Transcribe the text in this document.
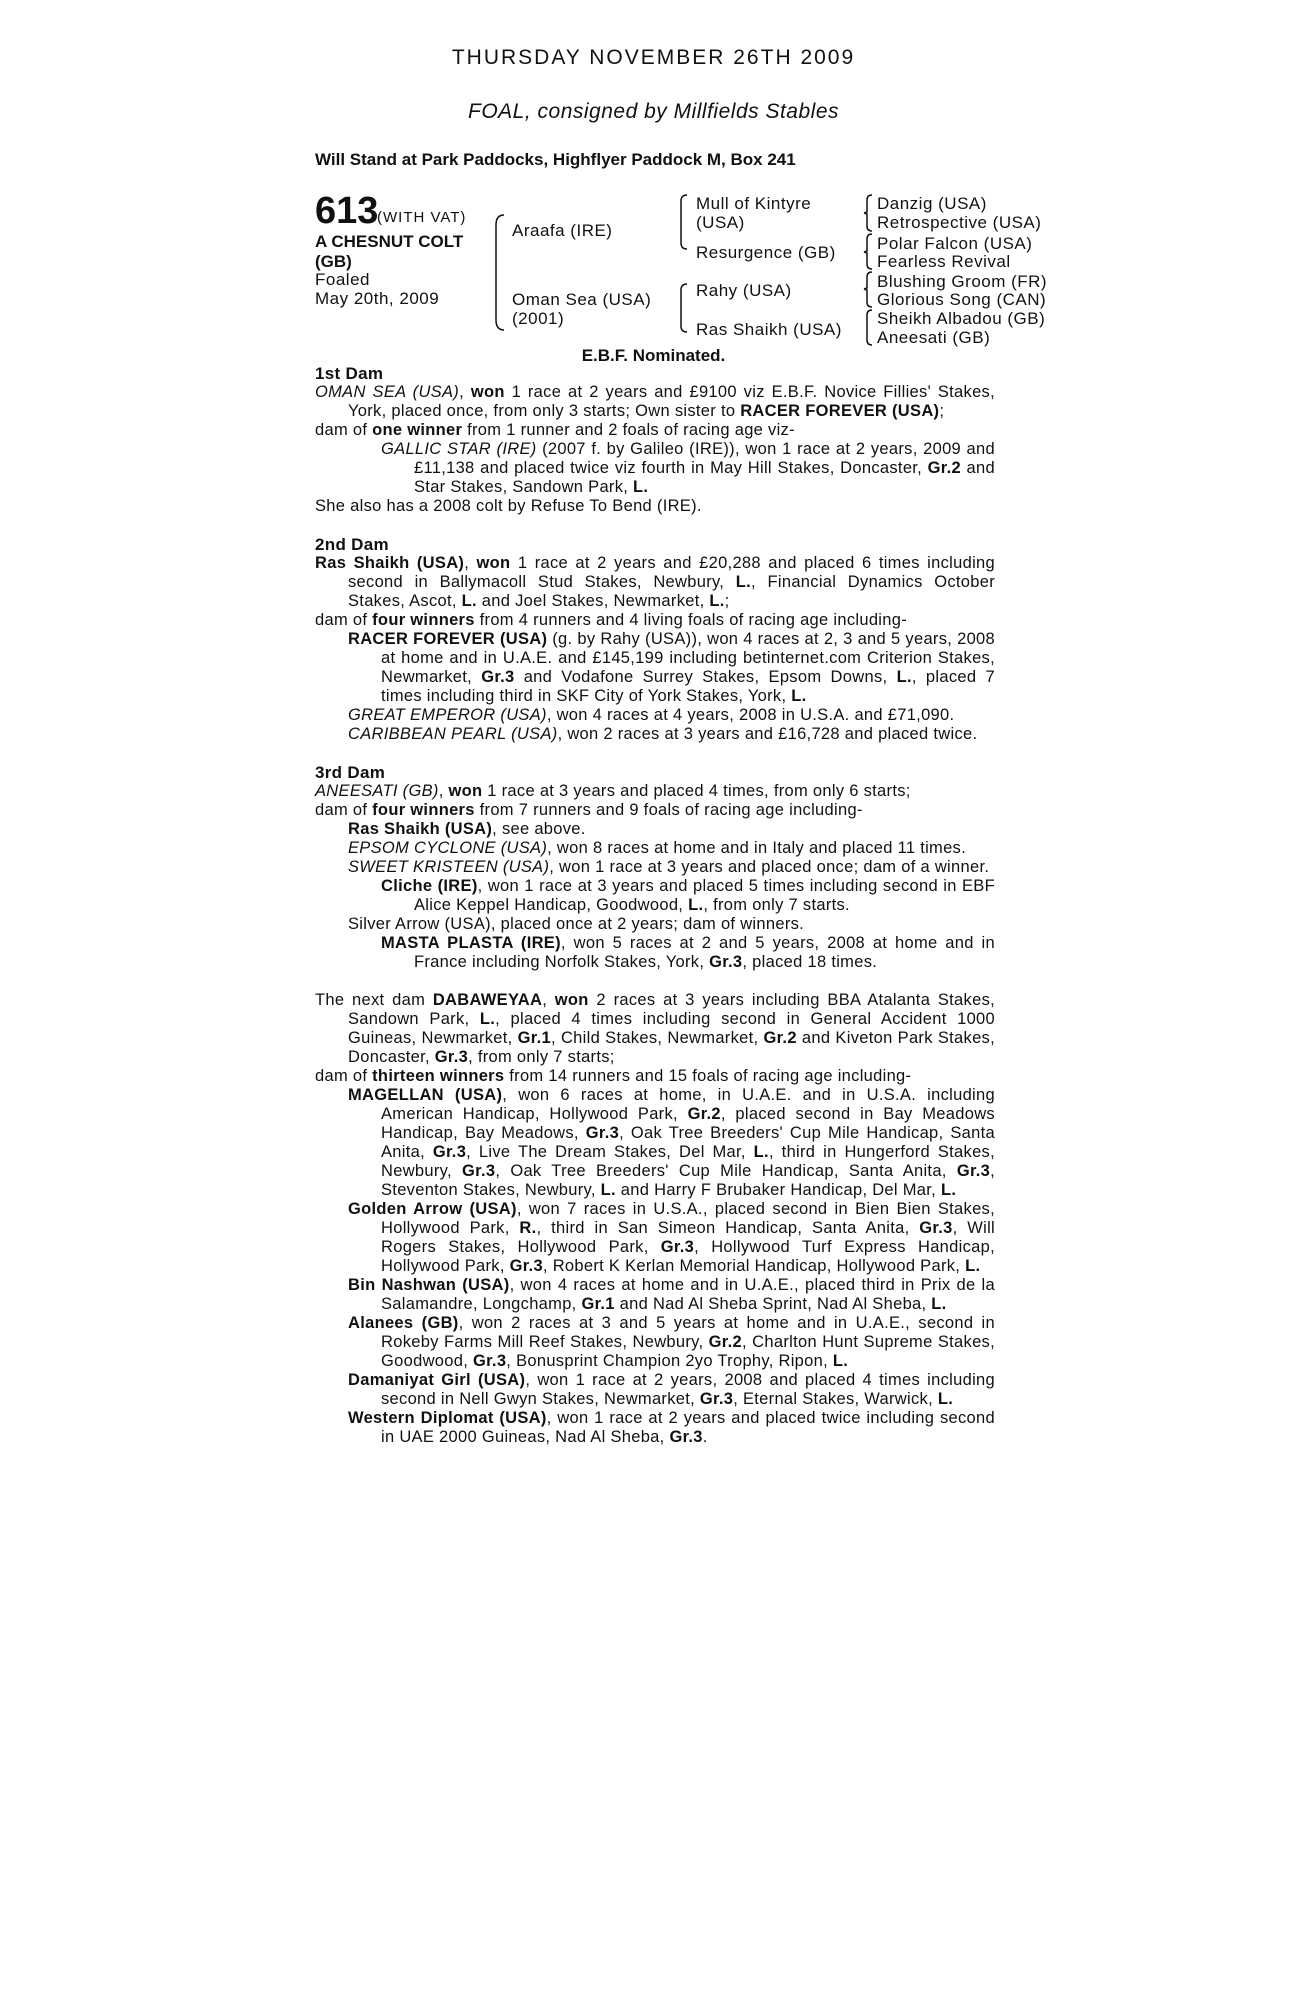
THURSDAY NOVEMBER 26TH 2009
FOAL, consigned by Millfields Stables
Will Stand at Park Paddocks, Highflyer Paddock M, Box 241
613
(WITH VAT)
A CHESNUT COLT (GB)
Foaled
May 20th, 2009
Araafa (IRE)
Oman Sea (USA)
(2001)
Mull of Kintyre
(USA)
Resurgence (GB)
Rahy (USA)
Ras Shaikh (USA)
Danzig (USA)
Retrospective (USA)
Polar Falcon (USA)
Fearless Revival
Blushing Groom (FR)
Glorious Song (CAN)
Sheikh Albadou (GB)
Aneesati (GB)
E.B.F. Nominated.

1st Dam

OMAN SEA (USA), won 1 race at 2 years and £9100 viz E.B.F. Novice Fillies' Stakes, York, placed once, from only 3 starts; Own sister to RACER FOREVER (USA);

dam of one winner from 1 runner and 2 foals of racing age viz-

GALLIC STAR (IRE) (2007 f. by Galileo (IRE)), won 1 race at 2 years, 2009 and £11,138 and placed twice viz fourth in May Hill Stakes, Doncaster, Gr.2 and Star Stakes, Sandown Park, L.

She also has a 2008 colt by Refuse To Bend (IRE).

2nd Dam

Ras Shaikh (USA), won 1 race at 2 years and £20,288 and placed 6 times including second in Ballymacoll Stud Stakes, Newbury, L., Financial Dynamics October Stakes, Ascot, L. and Joel Stakes, Newmarket, L.;

dam of four winners from 4 runners and 4 living foals of racing age including-

RACER FOREVER (USA) (g. by Rahy (USA)), won 4 races at 2, 3 and 5 years, 2008 at home and in U.A.E. and £145,199 including betinternet.com Criterion Stakes, Newmarket, Gr.3 and Vodafone Surrey Stakes, Epsom Downs, L., placed 7 times including third in SKF City of York Stakes, York, L.

GREAT EMPEROR (USA), won 4 races at 4 years, 2008 in U.S.A. and £71,090.

CARIBBEAN PEARL (USA), won 2 races at 3 years and £16,728 and placed twice.

3rd Dam

ANEESATI (GB), won 1 race at 3 years and placed 4 times, from only 6 starts;

dam of four winners from 7 runners and 9 foals of racing age including-

Ras Shaikh (USA), see above.

EPSOM CYCLONE (USA), won 8 races at home and in Italy and placed 11 times.

SWEET KRISTEEN (USA), won 1 race at 3 years and placed once; dam of a winner.

Cliche (IRE), won 1 race at 3 years and placed 5 times including second in EBF Alice Keppel Handicap, Goodwood, L., from only 7 starts.

Silver Arrow (USA), placed once at 2 years; dam of winners.

MASTA PLASTA (IRE), won 5 races at 2 and 5 years, 2008 at home and in France including Norfolk Stakes, York, Gr.3, placed 18 times.

The next dam DABAWEYAA, won 2 races at 3 years including BBA Atalanta Stakes, Sandown Park, L., placed 4 times including second in General Accident 1000 Guineas, Newmarket, Gr.1, Child Stakes, Newmarket, Gr.2 and Kiveton Park Stakes, Doncaster, Gr.3, from only 7 starts;

dam of thirteen winners from 14 runners and 15 foals of racing age including-

MAGELLAN (USA), won 6 races at home, in U.A.E. and in U.S.A. including American Handicap, Hollywood Park, Gr.2, placed second in Bay Meadows Handicap, Bay Meadows, Gr.3, Oak Tree Breeders' Cup Mile Handicap, Santa Anita, Gr.3, Live The Dream Stakes, Del Mar, L., third in Hungerford Stakes, Newbury, Gr.3, Oak Tree Breeders' Cup Mile Handicap, Santa Anita, Gr.3, Steventon Stakes, Newbury, L. and Harry F Brubaker Handicap, Del Mar, L.

Golden Arrow (USA), won 7 races in U.S.A., placed second in Bien Bien Stakes, Hollywood Park, R., third in San Simeon Handicap, Santa Anita, Gr.3, Will Rogers Stakes, Hollywood Park, Gr.3, Hollywood Turf Express Handicap, Hollywood Park, Gr.3, Robert K Kerlan Memorial Handicap, Hollywood Park, L.

Bin Nashwan (USA), won 4 races at home and in U.A.E., placed third in Prix de la Salamandre, Longchamp, Gr.1 and Nad Al Sheba Sprint, Nad Al Sheba, L.

Alanees (GB), won 2 races at 3 and 5 years at home and in U.A.E., second in Rokeby Farms Mill Reef Stakes, Newbury, Gr.2, Charlton Hunt Supreme Stakes, Goodwood, Gr.3, Bonusprint Champion 2yo Trophy, Ripon, L.

Damaniyat Girl (USA), won 1 race at 2 years, 2008 and placed 4 times including second in Nell Gwyn Stakes, Newmarket, Gr.3, Eternal Stakes, Warwick, L.

Western Diplomat (USA), won 1 race at 2 years and placed twice including second in UAE 2000 Guineas, Nad Al Sheba, Gr.3.
